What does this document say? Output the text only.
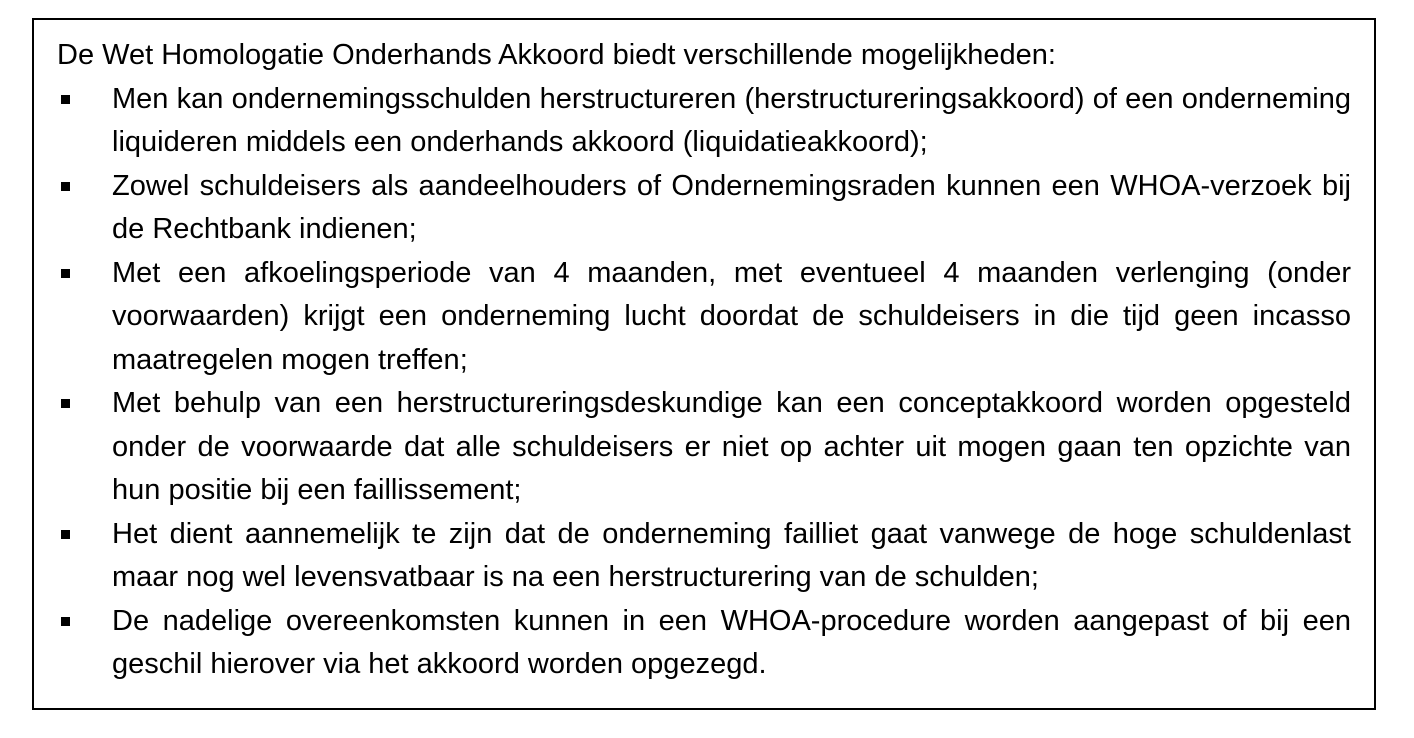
De Wet Homologatie Onderhands Akkoord biedt verschillende mogelijkheden:

Men kan ondernemingsschulden herstructureren (herstructureringsakkoord) of een onderneming liquideren middels een onderhands akkoord (liquidatieakkoord);
Zowel schuldeisers als aandeelhouders of Ondernemingsraden kunnen een WHOA-verzoek bij de Rechtbank indienen;
Met een afkoelingsperiode van 4 maanden, met eventueel 4 maanden verlenging (onder voorwaarden) krijgt een onderneming lucht doordat de schuldeisers in die tijd geen incasso maatregelen mogen treffen;
Met behulp van een herstructureringsdeskundige kan een conceptakkoord worden opgesteld onder de voorwaarde dat alle schuldeisers er niet op achter uit mogen gaan ten opzichte van hun positie bij een faillissement;
Het dient aannemelijk te zijn dat de onderneming failliet gaat vanwege de hoge schuldenlast maar nog wel levensvatbaar is na een herstructurering van de schulden;
De nadelige overeenkomsten kunnen in een WHOA-procedure worden aangepast of bij een geschil hierover via het akkoord worden opgezegd.
